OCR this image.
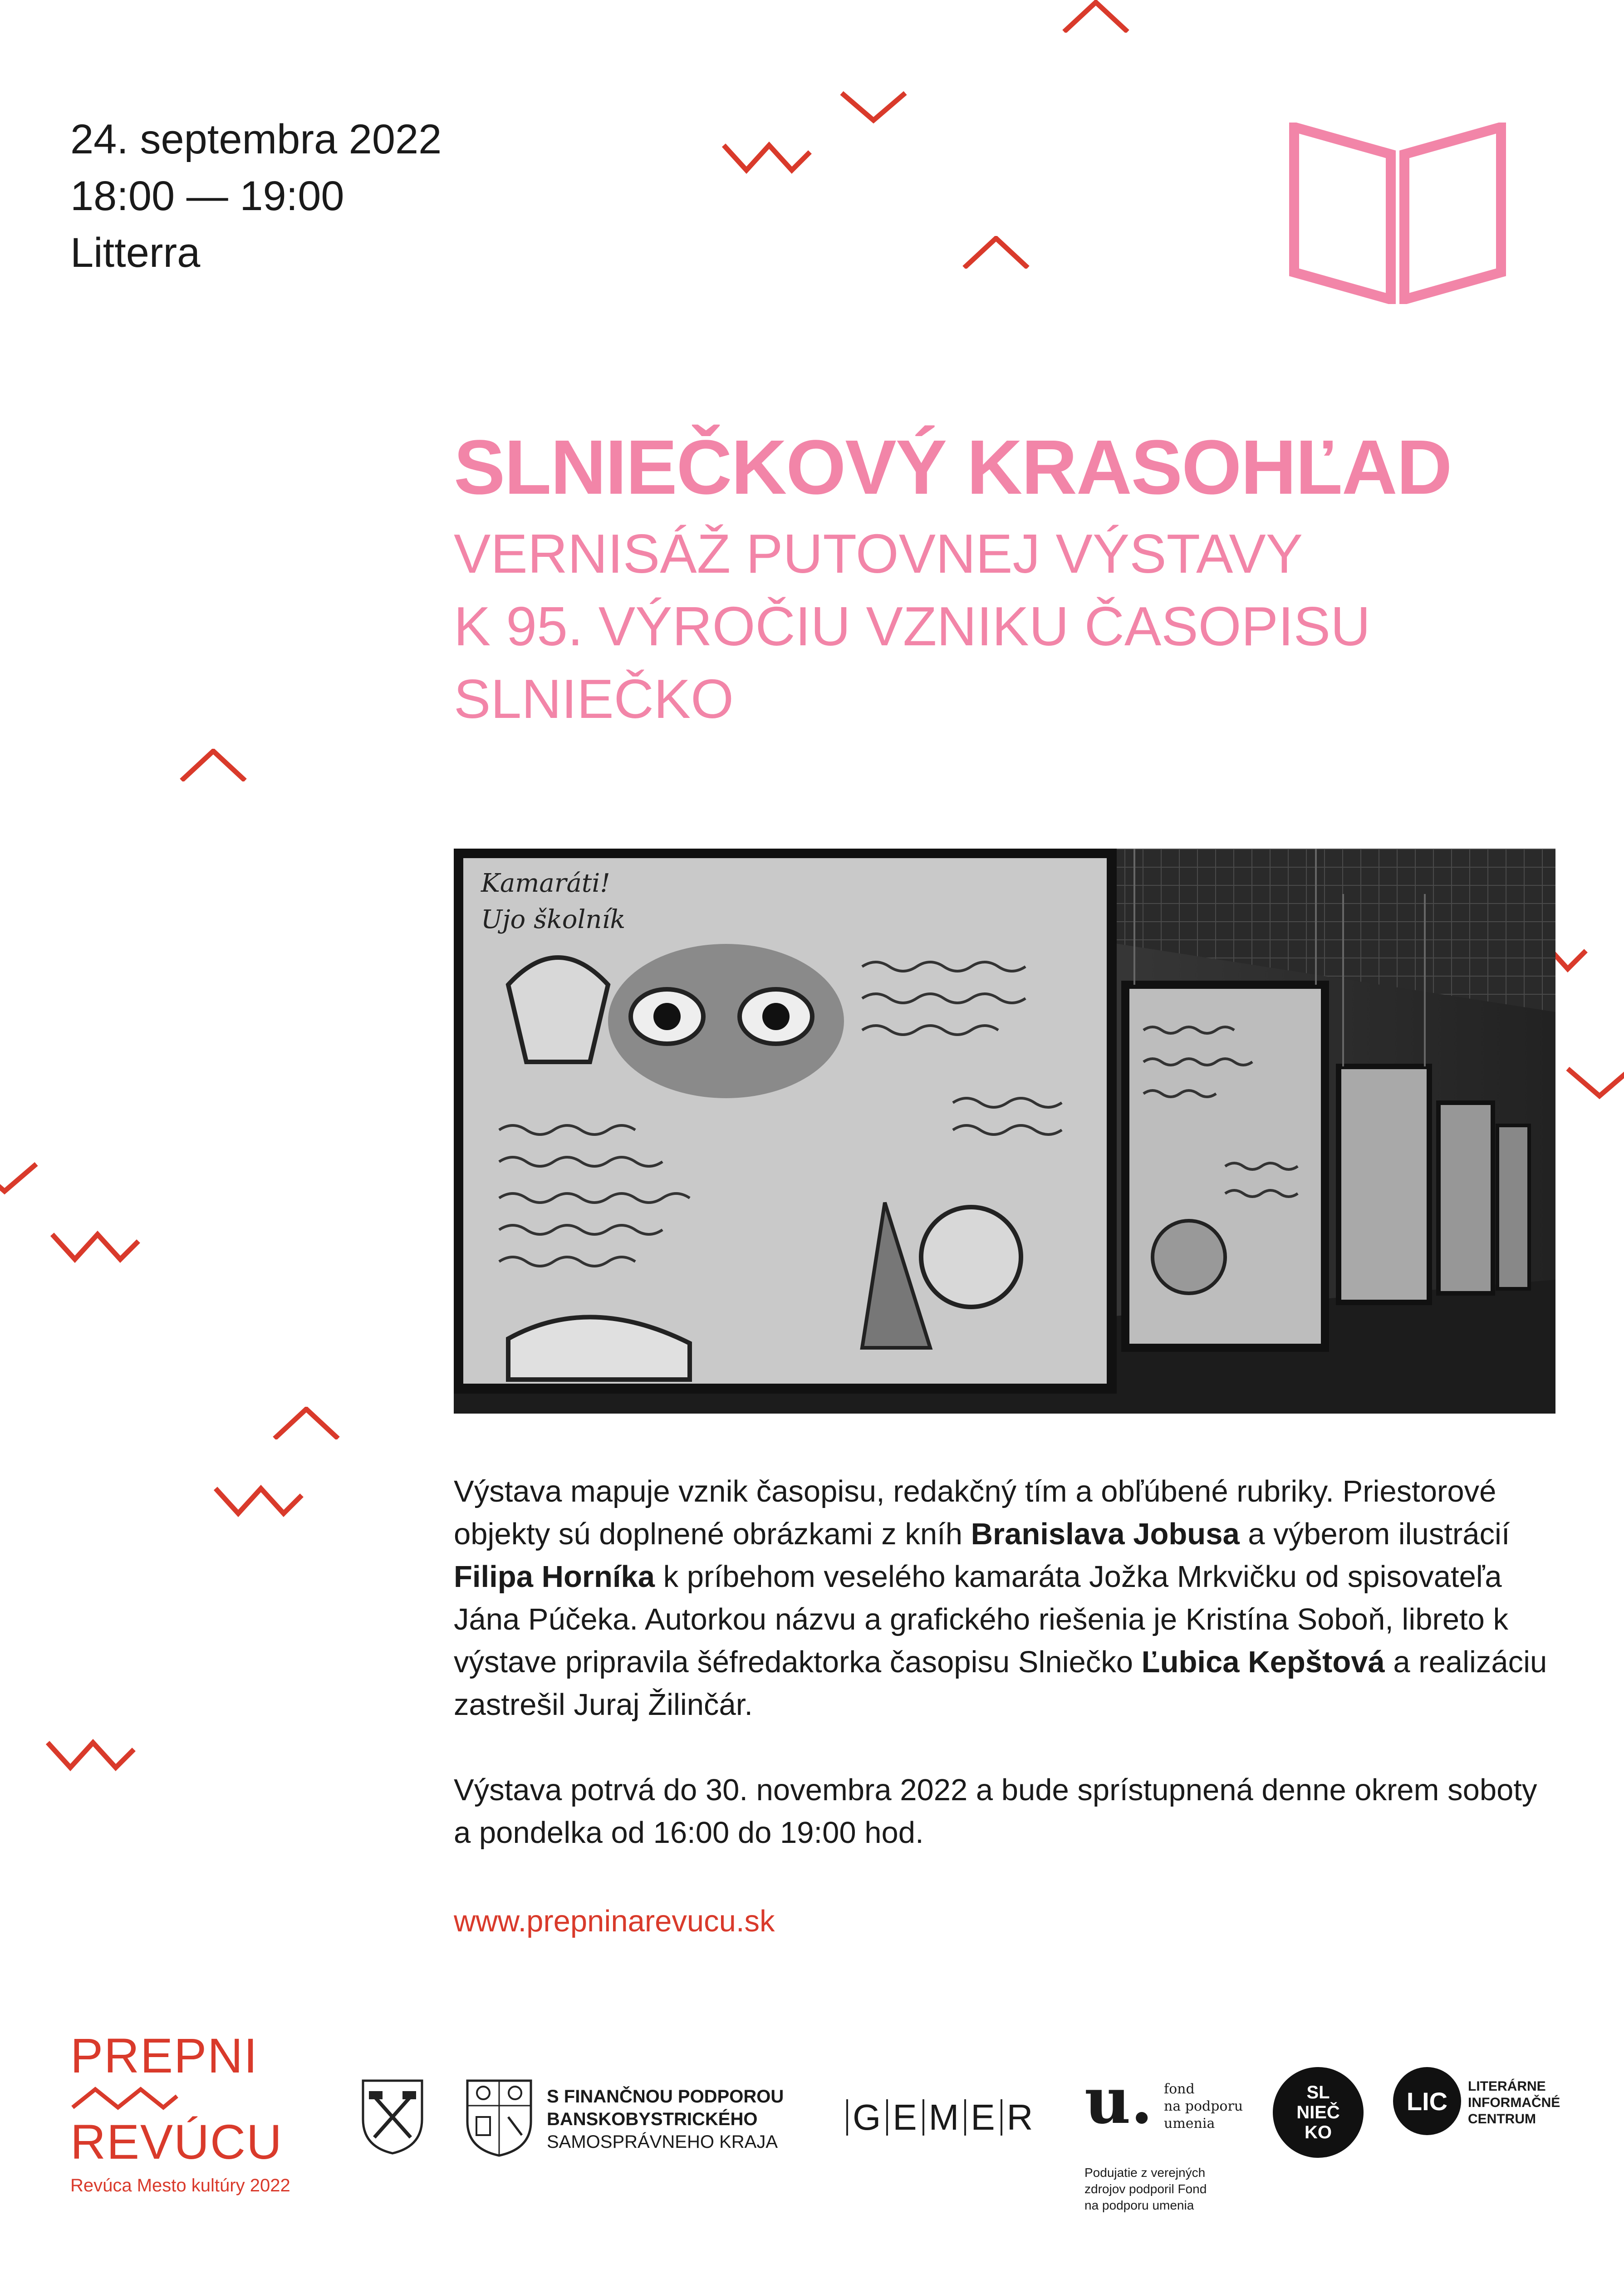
24. septembra 2022
18:00 — 19:00
Litterra
SLNIEČKOVÝ KRASOHĽAD
VERNISÁŽ PUTOVNEJ VÝSTAVY
K 95. VÝROČIU VZNIKU ČASOPISU
SLNIEČKO
Kamaráti!
Ujo školník

Výstava mapuje vznik časopisu, redakčný tím a obľúbené rubriky. Priestorové objekty sú doplnené obrázkami z kníh Branislava Jobusa a výberom ilustrácií Filipa Horníka k príbehom veselého kamaráta Jožka Mrkvičku od spisovateľa Jána Púčeka. Autorkou názvu a grafického riešenia je Kristína Soboň, libreto k výstave pripravila šéfredaktorka časopisu Slniečko Ľubica Kepštová a realizáciu zastrešil Juraj Žilinčár.

Výstava potrvá do 30. novembra 2022 a bude sprístupnená denne okrem soboty a pondelka od 16:00 do 19:00 hod.

www.prepninarevucu.sk
PREPNI
REVÚCU
Revúca Mesto kultúry 2022
S FINANČNOU PODPOROU
BANSKOBYSTRICKÉHO
SAMOSPRÁVNEHO KRAJA
G E M E R u. fond
na podporu
umenia
Podujatie z verejných
zdrojov podporil Fond
na podporu umenia
SL
NIEČ
KO
LIC
LITERÁRNE
INFORMAČNÉ
CENTRUM
